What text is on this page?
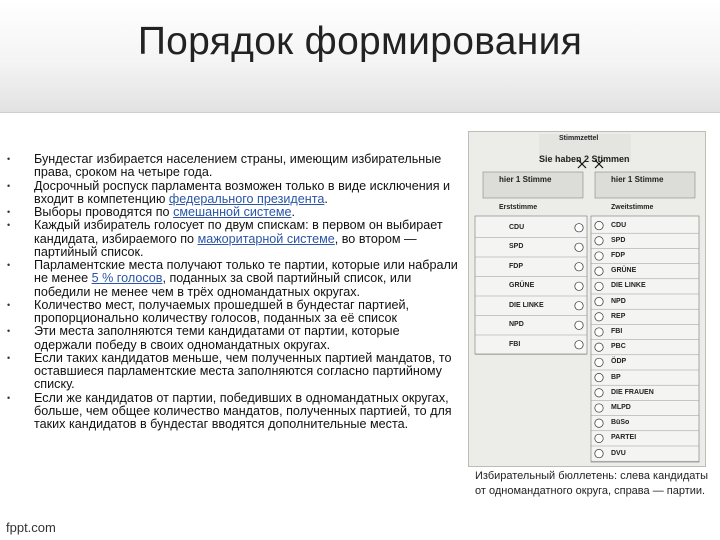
Порядок формирования
• Бундестаг избирается населением страны, имеющим избирательные права, сроком на четыре года.
• Досрочный роспуск парламента возможен только в виде исключения и входит в компетенцию федерального президента.
• Выборы проводятся по смешанной системе.
• Каждый избиратель голосует по двум спискам: в первом он выбирает кандидата, избираемого по мажоритарной системе, во втором — партийный список.
• Парламентские места получают только те партии, которые или набрали не менее 5 % голосов, поданных за свой партийный список, или победили не менее чем в трёх одномандатных округах.
• Количество мест, получаемых прошедшей в бундестаг партией, пропорционально количеству голосов, поданных за её список
• Эти места заполняются теми кандидатами от партии, которые одержали победу в своих одномандатных округах.
• Если таких кандидатов меньше, чем полученных партией мандатов, то оставшиеся парламентские места заполняются согласно партийному списку.
• Если же кандидатов от партии, победивших в одномандатных округах, больше, чем общее количество мандатов, полученных партией, то для таких кандидатов в бундестаг вводятся дополнительные места.
Stimmzettel
Sie haben 2 Stimmen
hier 1 Stimme	hier 1 Stimme
Erststimme	Zweitstimme
CDU
SPD
FDP
GRÜNE
DIE LINKE
NPD
FBI
CDU
SPD
FDP
GRÜNE
DIE LINKE
NPD
REP
FBI
PBC
ÖDP
BP
DIE FRAUEN
MLPD
BüSo
PARTEI
DVU
Избирательный бюллетень: слева кандидаты от одномандатного округа, справа — партии.
fppt.com
